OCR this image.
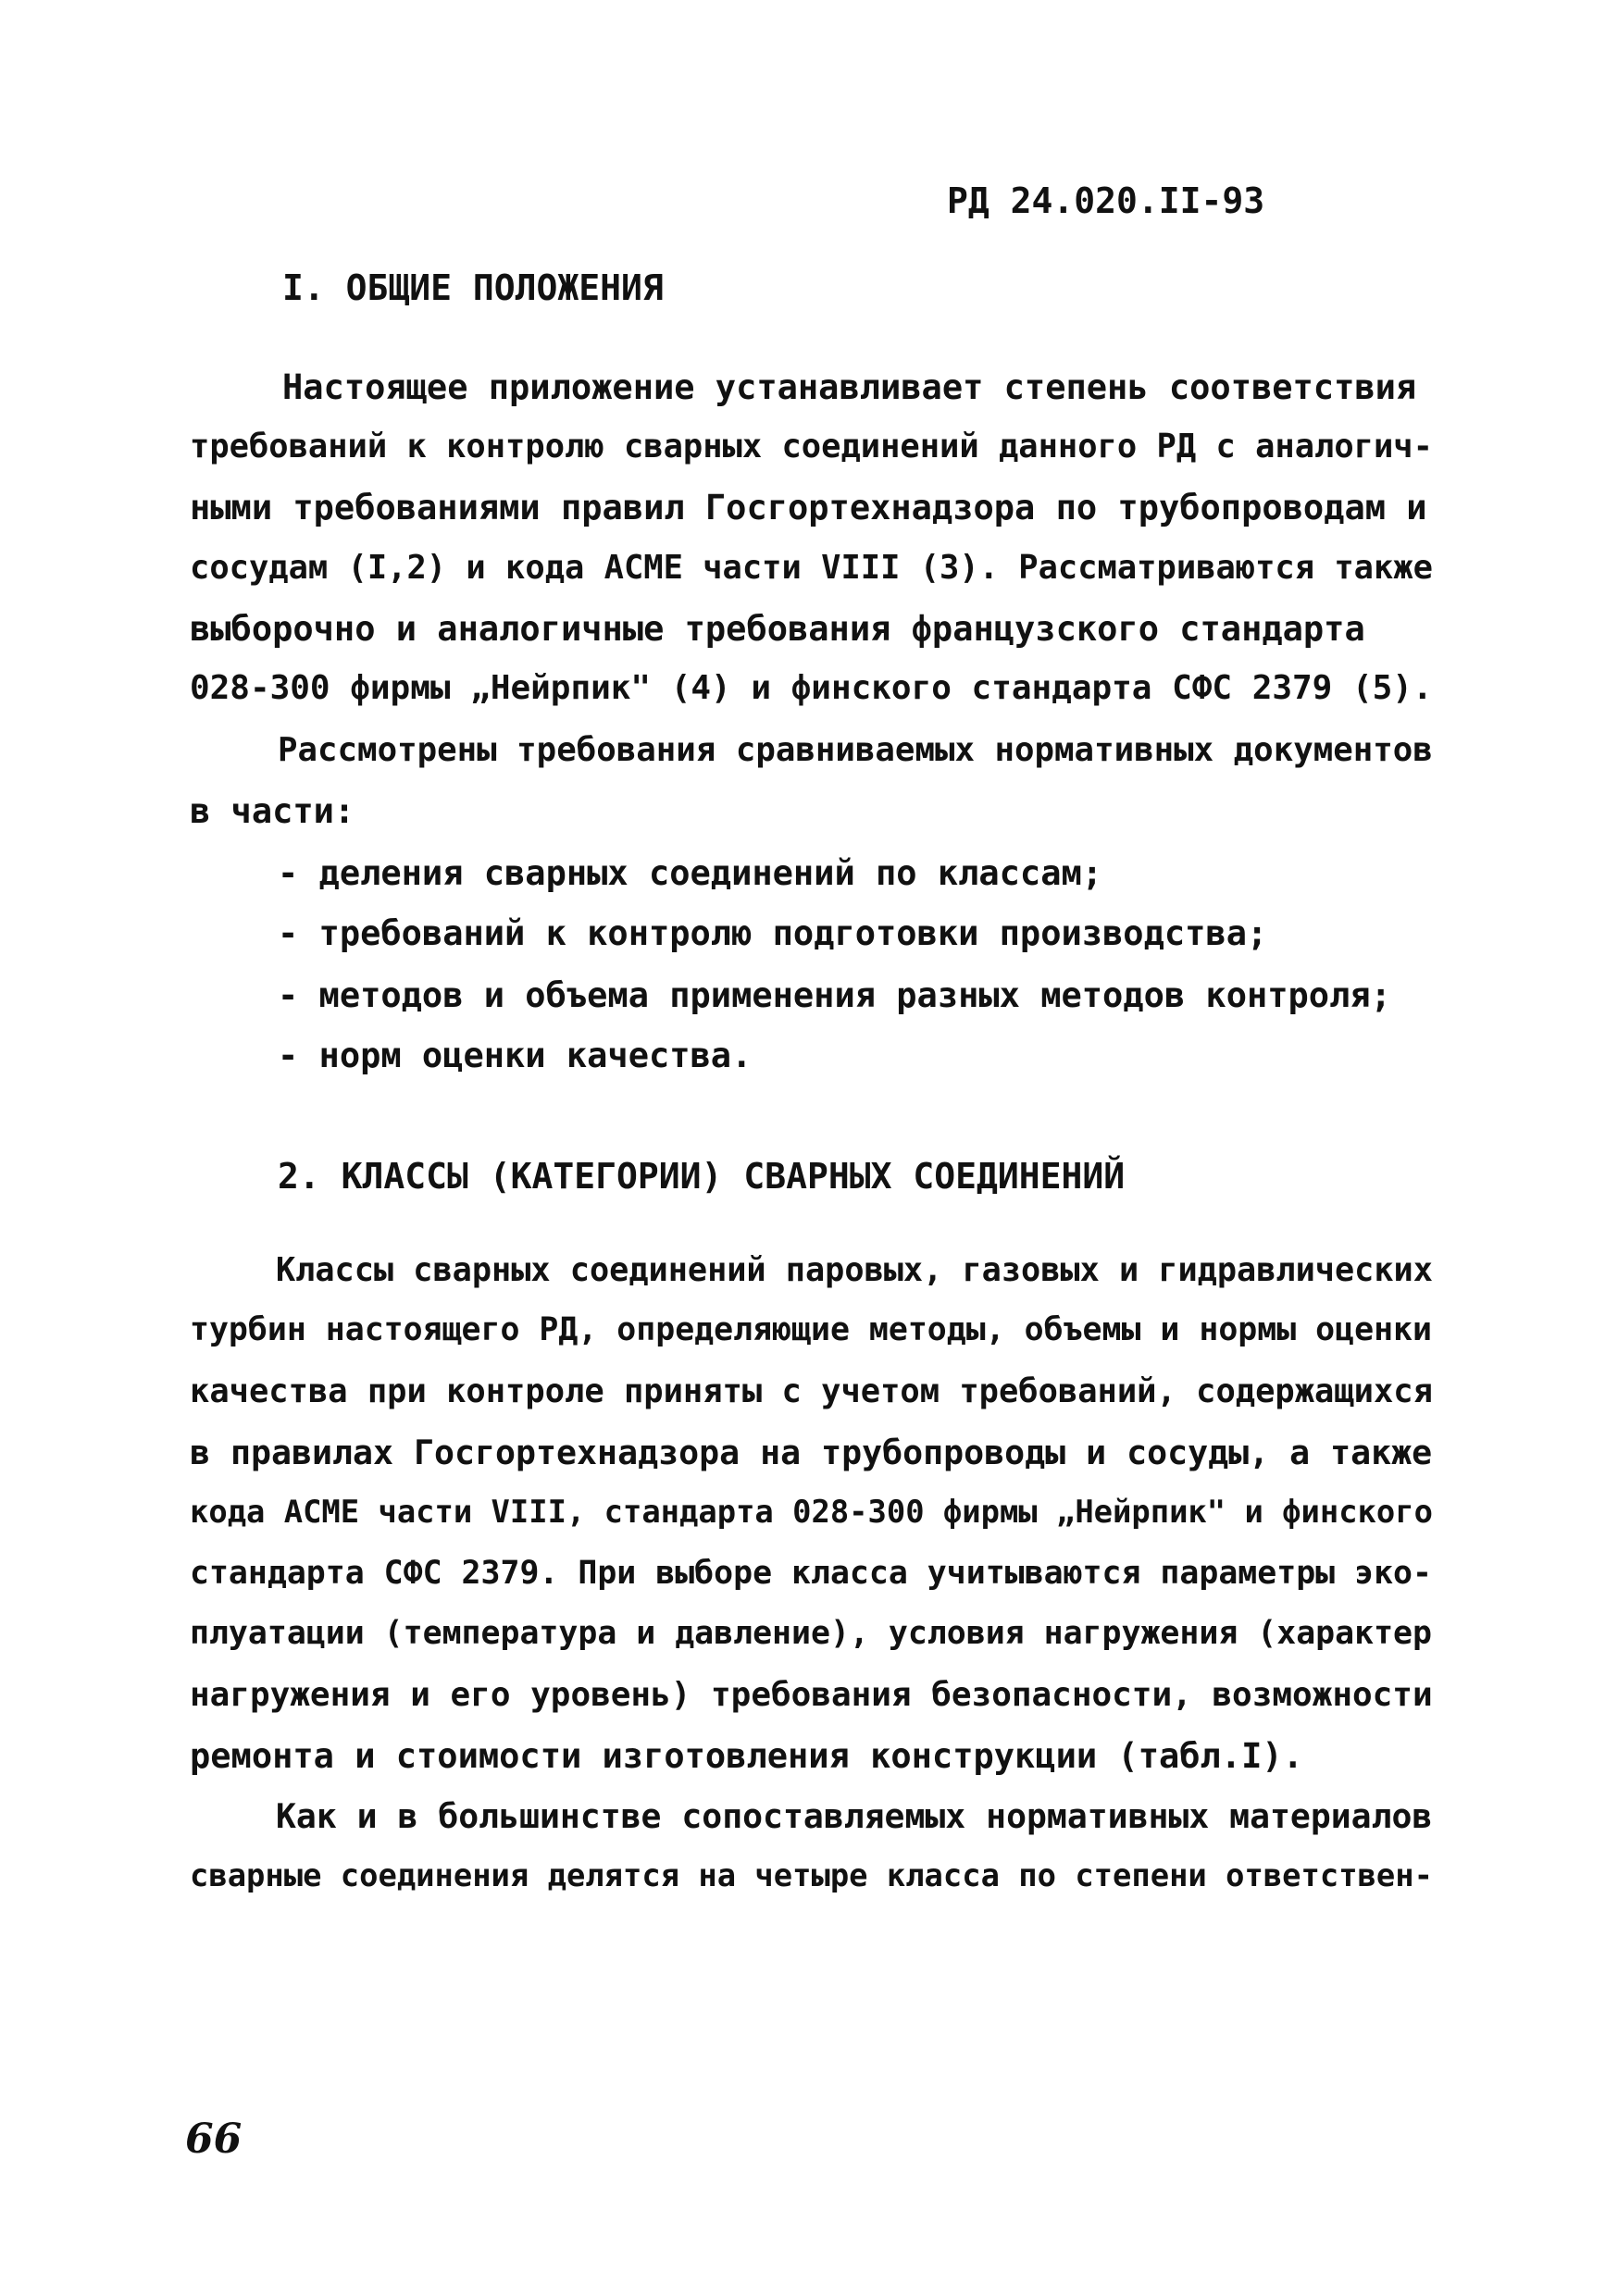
РД 24.020.II-93
I. ОБЩИЕ ПОЛОЖЕНИЯ
Настоящее приложение устанавливает степень соответствия
требований к контролю сварных соединений данного РД с аналогич-
ными требованиями правил Госгортехнадзора по трубопроводам и
сосудам (I,2) и кода АСМЕ части VIII (3). Рассматриваются также
выборочно и аналогичные требования французского стандарта
028-300 фирмы „Нейрпик" (4) и финского стандарта СФС 2379 (5).
Рассмотрены требования сравниваемых нормативных документов
в части:
- деления сварных соединений по классам;
- требований к контролю подготовки производства;
- методов и объема применения разных методов контроля;
- норм оценки качества.
2. КЛАССЫ (КАТЕГОРИИ) СВАРНЫХ СОЕДИНЕНИЙ
Классы сварных соединений паровых, газовых и гидравлических
турбин настоящего РД, определяющие методы, объемы и нормы оценки
качества при контроле приняты с учетом требований, содержащихся
в правилах Госгортехнадзора на трубопроводы и сосуды, а также
кода АСМЕ части VIII, стандарта 028-300 фирмы „Нейрпик" и финского
стандарта СФС 2379. При выборе класса учитываются параметры эко-
плуатации (температура и давление), условия нагружения (характер
нагружения и его уровень) требования безопасности, возможности
ремонта и стоимости изготовления конструкции (табл.I).
Как и в большинстве сопоставляемых нормативных материалов
сварные соединения делятся на четыре класса по степени ответствен-
66
